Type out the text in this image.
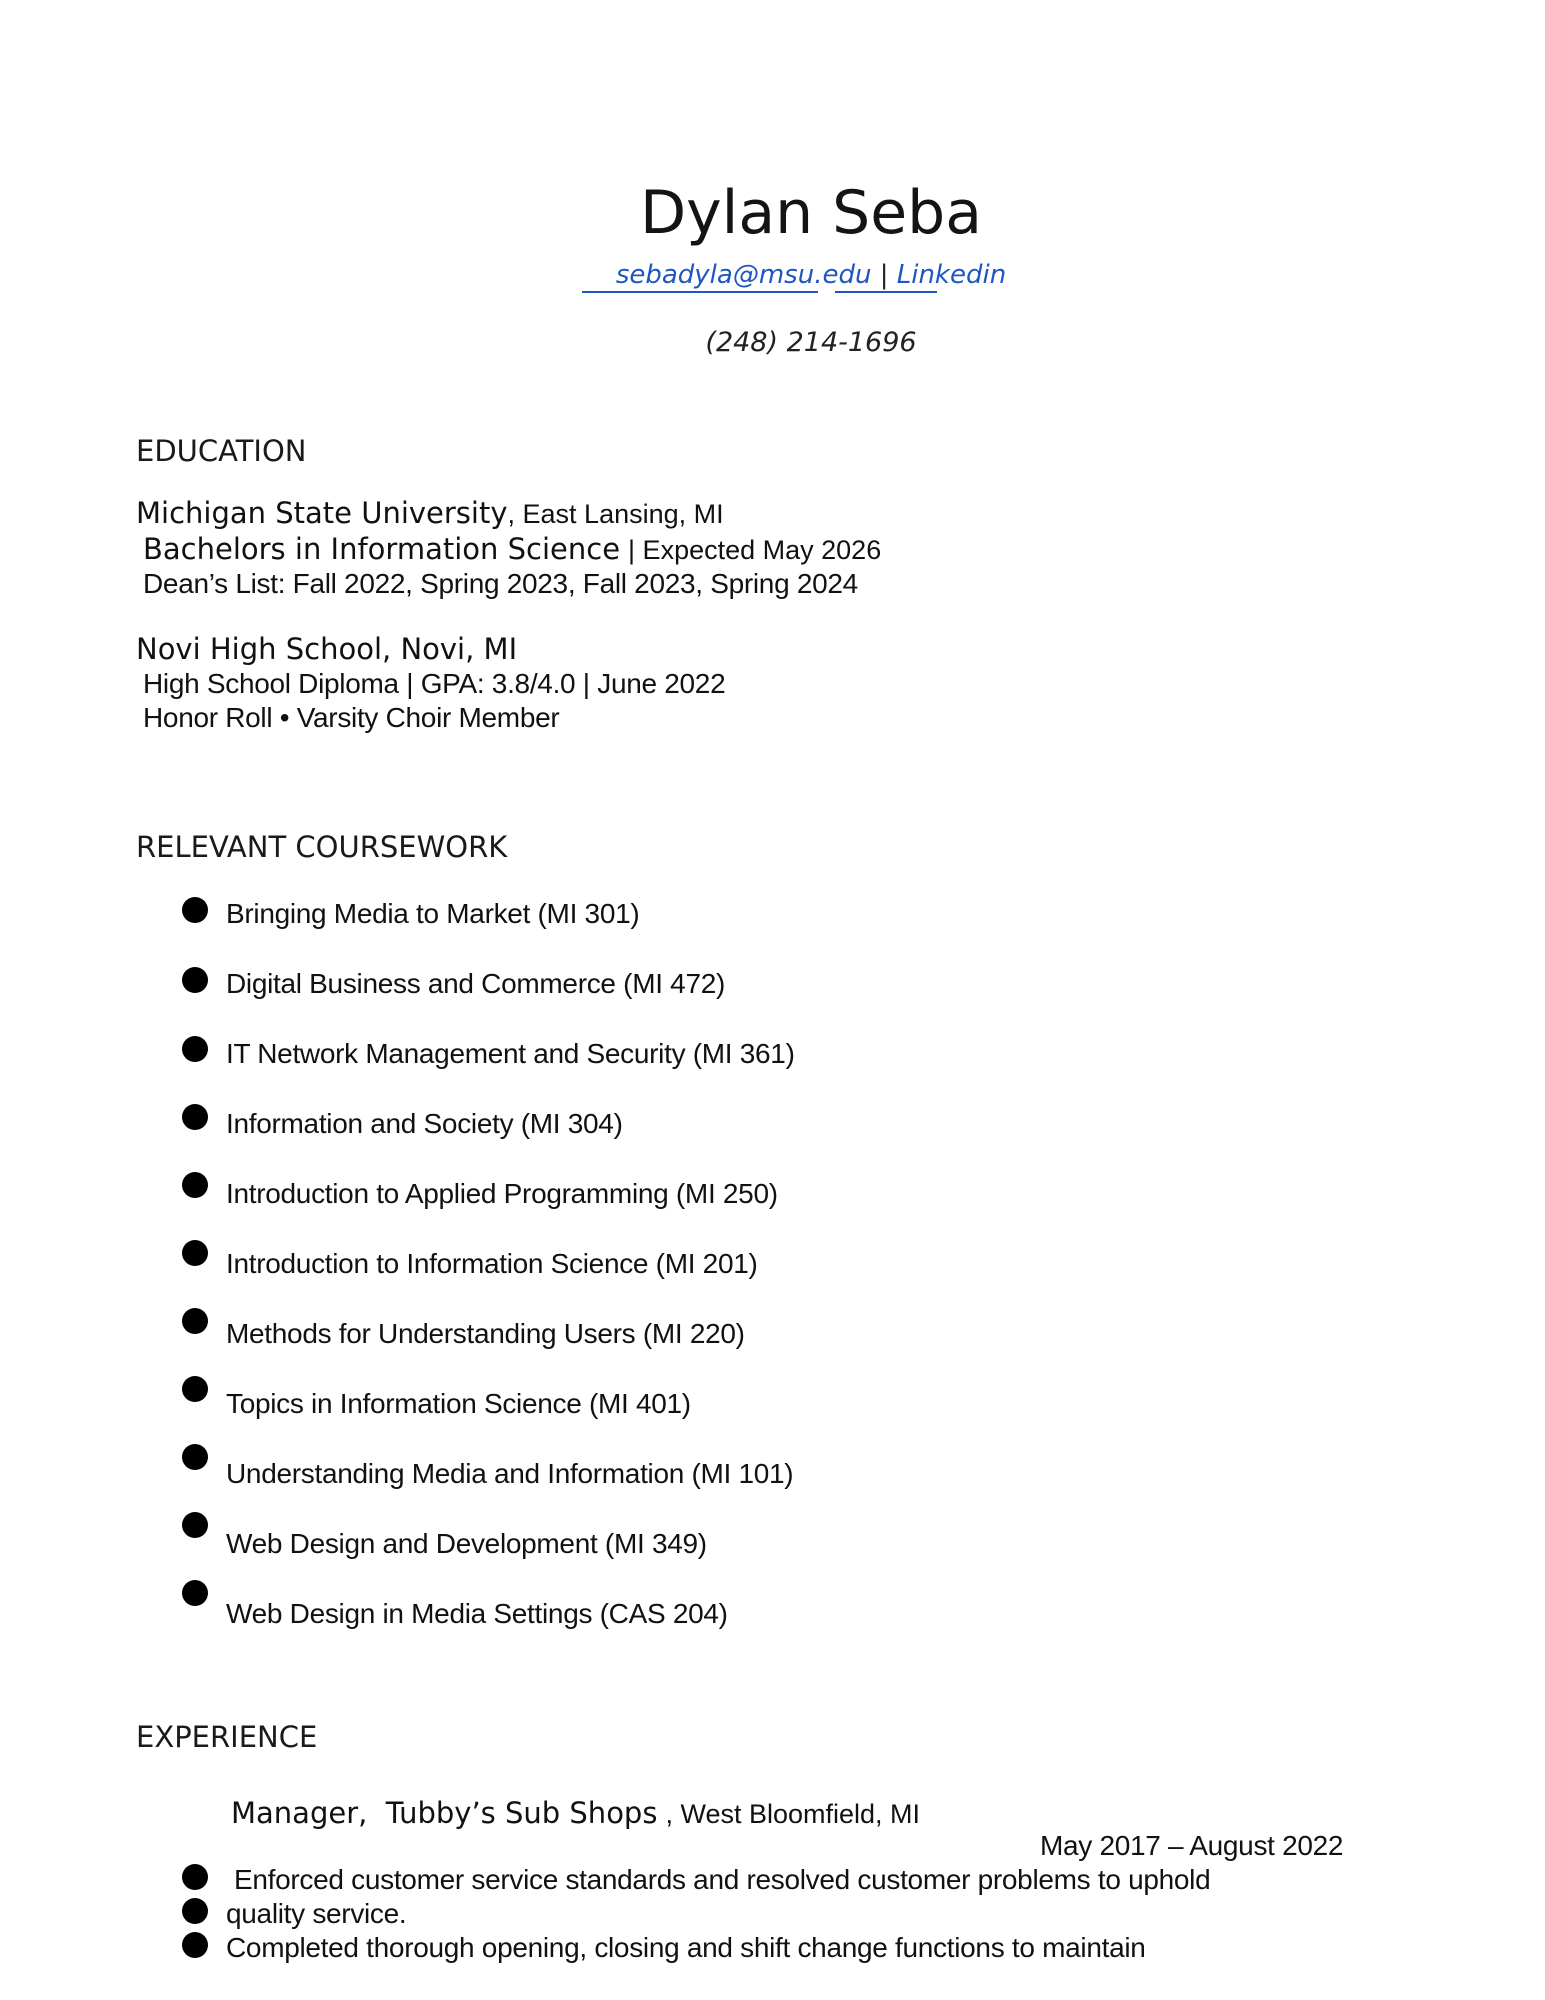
Dylan Seba
sebadyla@msu.edu | Linkedin
(248) 214-1696
EDUCATION
Michigan State University, East Lansing, MI
Bachelors in Information Science | Expected May 2026
Dean’s List: Fall 2022, Spring 2023, Fall 2023, Spring 2024
Novi High School, Novi, MI
High School Diploma | GPA: 3.8/4.0 | June 2022
Honor Roll • Varsity Choir Member
RELEVANT COURSEWORK
Bringing Media to Market (MI 301)
Digital Business and Commerce (MI 472)
IT Network Management and Security (MI 361)
Information and Society (MI 304)
Introduction to Applied Programming (MI 250)
Introduction to Information Science (MI 201)
Methods for Understanding Users (MI 220)
Topics in Information Science (MI 401)
Understanding Media and Information (MI 101)
Web Design and Development (MI 349)
Web Design in Media Settings (CAS 204)
EXPERIENCE
Manager,  Tubby’s Sub Shops , West Bloomfield, MI
May 2017 – August 2022
Enforced customer service standards and resolved customer problems to uphold
quality service.
Completed thorough opening, closing and shift change functions to maintain
